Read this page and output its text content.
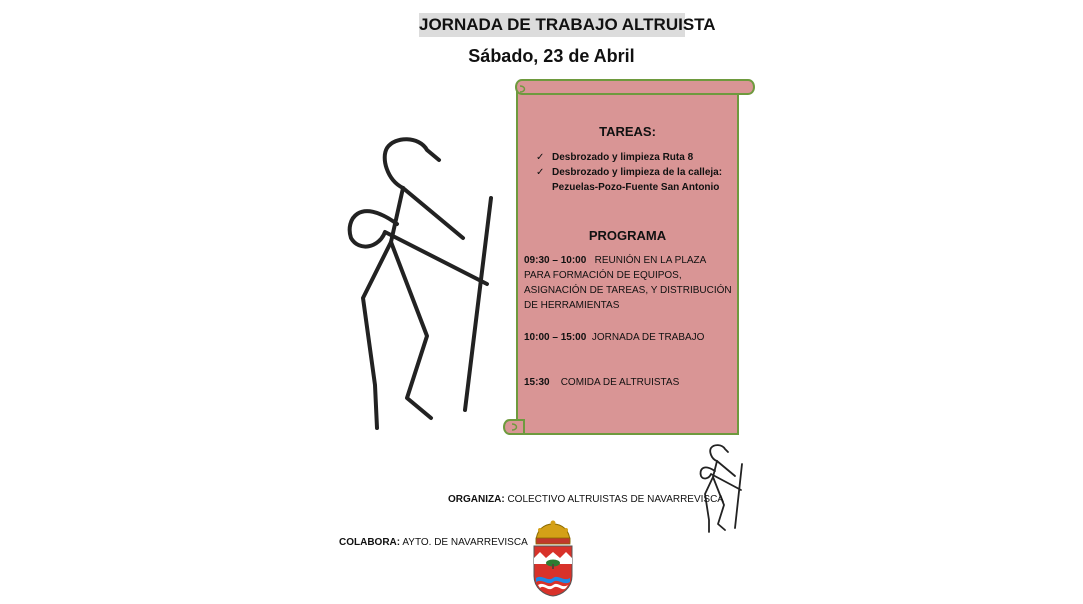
JORNADA DE TRABAJO ALTRUISTA
Sábado, 23 de Abril
TAREAS:
✓ Desbrozado y limpieza Ruta 8
✓ Desbrozado y limpieza de la calleja: Pezuelas-Pozo-Fuente San Antonio
PROGRAMA
09:30 – 10:00 REUNIÓN EN LA PLAZA PARA FORMACIÓN DE EQUIPOS, ASIGNACIÓN DE TAREAS, Y DISTRIBUCIÓN DE HERRAMIENTAS
10:00 – 15:00 JORNADA DE TRABAJO
15:30 COMIDA DE ALTRUISTAS
ORGANIZA: COLECTIVO ALTRUISTAS DE NAVARREVISCA
COLABORA: AYTO. DE NAVARREVISCA
